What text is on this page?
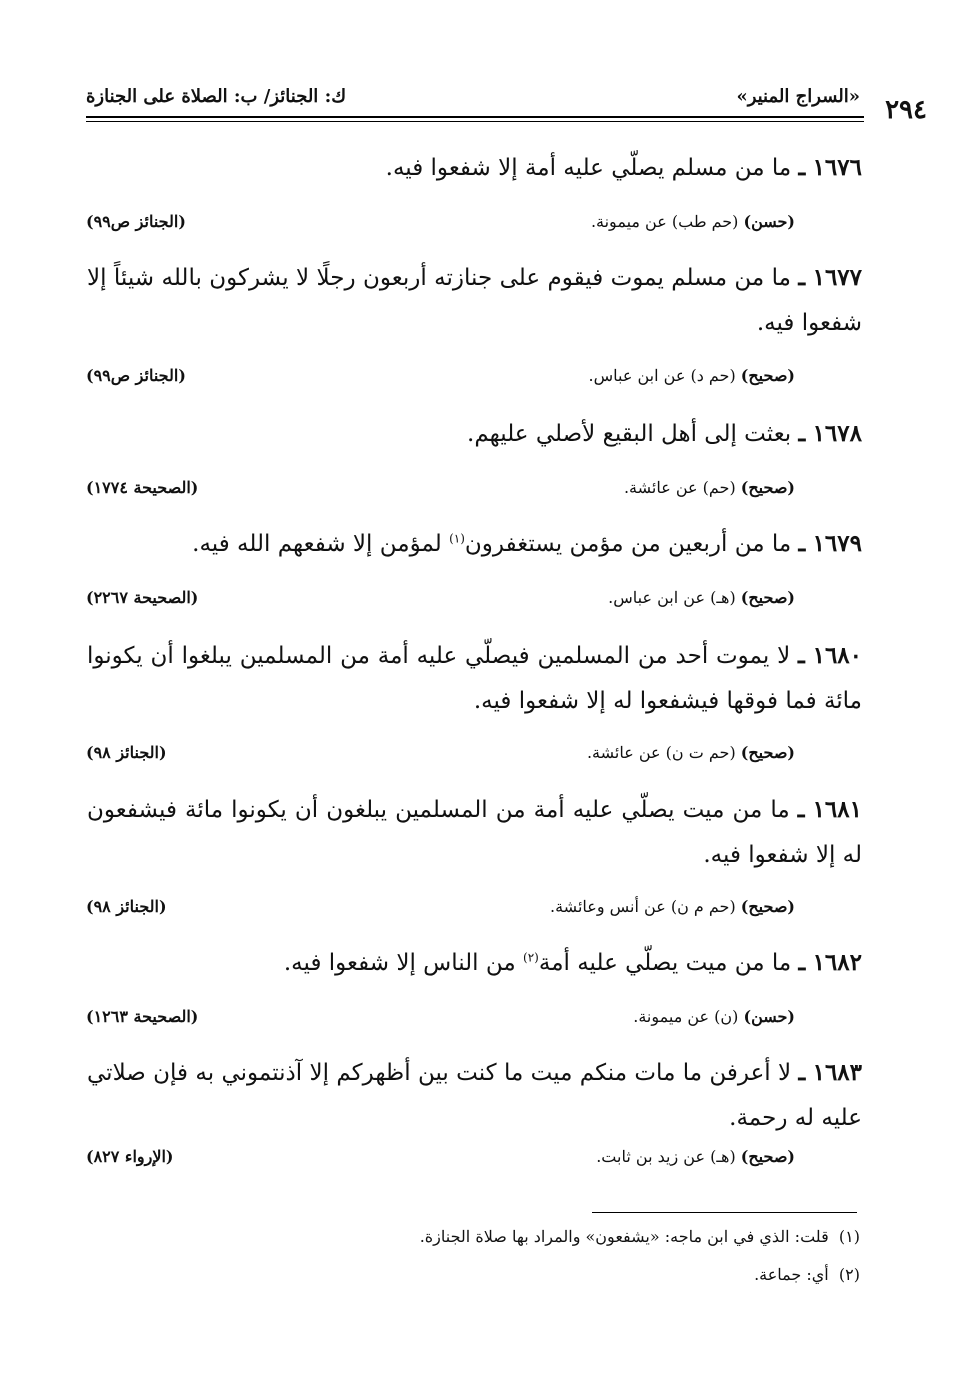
٢٩٤
«السراج المنير»
ك: الجنائز/ ب: الصلاة على الجنازة
١٦٧٦ ـ ما من مسلم يصلّي عليه أمة إلا شفعوا فيه.
(حسن) (حم طب) عن ميمونة.
(الجنائز ص٩٩)
١٦٧٧ ـ ما من مسلم يموت فيقوم على جنازته أربعون رجلًا لا يشركون بالله شيئاً إلا شفعوا فيه.
(صحيح) (حم د) عن ابن عباس.
(الجنائز ص٩٩)
١٦٧٨ ـ بعثت إلى أهل البقيع لأصلي عليهم.
(صحيح) (حم) عن عائشة.
(الصحيحة ١٧٧٤)
١٦٧٩ ـ ما من أربعين من مؤمن يستغفرون$^{(١)}$ لمؤمن إلا شفعهم الله فيه.
(صحيح) (هـ) عن ابن عباس.
(الصحيحة ٢٢٦٧)
١٦٨٠ ـ لا يموت أحد من المسلمين فيصلّي عليه أمة من المسلمين يبلغوا أن يكونوا مائة فما فوقها فيشفعوا له إلا شفعوا فيه.
(صحيح) (حم ت ن) عن عائشة.
(الجنائز ٩٨)
١٦٨١ ـ ما من ميت يصلّي عليه أمة من المسلمين يبلغون أن يكونوا مائة فيشفعون له إلا شفعوا فيه.
(صحيح) (حم م ن) عن أنس وعائشة.
(الجنائز ٩٨)
١٦٨٢ ـ ما من ميت يصلّي عليه أمة$^{(٢)}$ من الناس إلا شفعوا فيه.
(حسن) (ن) عن ميمونة.
(الصحيحة ١٢٦٣)
١٦٨٣ ـ لا أعرفن ما مات منكم ميت ما كنت بين أظهركم إلا آذنتموني به فإن صلاتي عليه له رحمة.
(صحيح) (هـ) عن زيد بن ثابت.
(الإرواء ٨٢٧)
(١)  قلت: الذي في ابن ماجه: «يشفعون» والمراد بها صلاة الجنازة.
(٢)  أي: جماعة.
